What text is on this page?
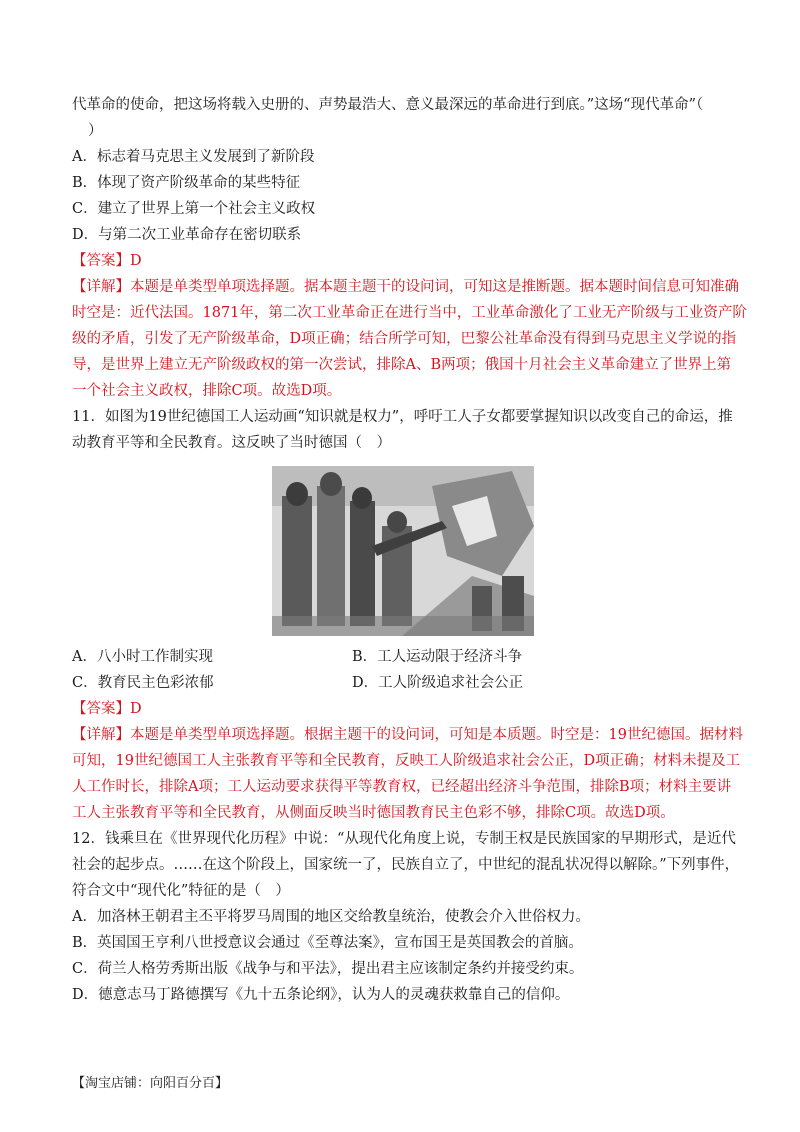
代革命的使命，把这场将载入史册的、声势最浩大、意义最深远的革命进行到底。”这场“现代革命”（
）
A．标志着马克思主义发展到了新阶段
B．体现了资产阶级革命的某些特征
C．建立了世界上第一个社会主义政权
D．与第二次工业革命存在密切联系
【答案】D
【详解】本题是单类型单项选择题。据本题主题干的设问词，可知这是推断题。据本题时间信息可知准确
时空是：近代法国。1871年，第二次工业革命正在进行当中，工业革命激化了工业无产阶级与工业资产阶
级的矛盾，引发了无产阶级革命，D项正确；结合所学可知，巴黎公社革命没有得到马克思主义学说的指
导，是世界上建立无产阶级政权的第一次尝试，排除A、B两项；俄国十月社会主义革命建立了世界上第
一个社会主义政权，排除C项。故选D项。
11．如图为19世纪德国工人运动画“知识就是权力”，呼吁工人子女都要掌握知识以改变自己的命运，推
动教育平等和全民教育。这反映了当时德国（　）
A．八小时工作制实现	B．工人运动限于经济斗争
C．教育民主色彩浓郁	D．工人阶级追求社会公正
【答案】D
【详解】本题是单类型单项选择题。根据主题干的设问词，可知是本质题。时空是：19世纪德国。据材料
可知，19世纪德国工人主张教育平等和全民教育，反映工人阶级追求社会公正，D项正确；材料未提及工
人工作时长，排除A项；工人运动要求获得平等教育权，已经超出经济斗争范围，排除B项；材料主要讲
工人主张教育平等和全民教育，从侧面反映当时德国教育民主色彩不够，排除C项。故选D项。
12．钱乘旦在《世界现代化历程》中说：“从现代化角度上说，专制王权是民族国家的早期形式，是近代
社会的起步点。……在这个阶段上，国家统一了，民族自立了，中世纪的混乱状况得以解除。”下列事件，
符合文中“现代化”特征的是（　）
A．加洛林王朝君主丕平将罗马周围的地区交给教皇统治，使教会介入世俗权力。
B．英国国王亨利八世授意议会通过《至尊法案》，宣布国王是英国教会的首脑。
C．荷兰人格劳秀斯出版《战争与和平法》，提出君主应该制定条约并接受约束。
D．德意志马丁路德撰写《九十五条论纲》，认为人的灵魂获救靠自己的信仰。
【淘宝店铺：向阳百分百】
